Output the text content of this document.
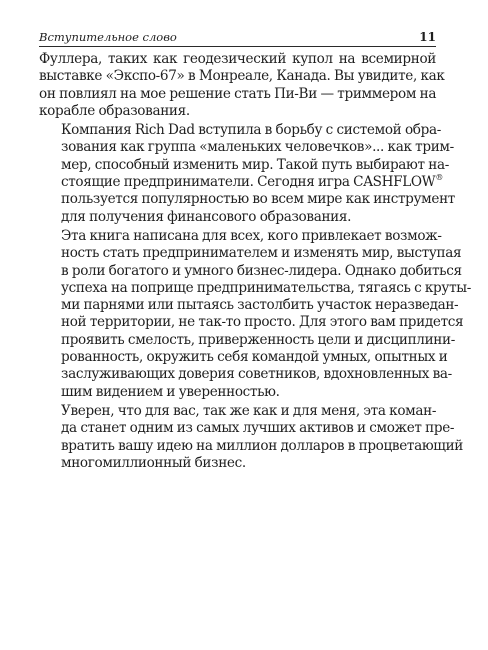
Вступительное слово	11

Фуллера, таких как геодезический купол на всемирной
выставке «Экспо-67» в Монреале, Канада. Вы увидите, как
он повлиял на мое решение стать Пи-Ви — триммером на
корабле образования.

Компания Rich Dad вступила в борьбу с системой обра-
зования как группа «маленьких человечков»... как трим-
мер, способный изменить мир. Такой путь выбирают на-
стоящие предприниматели. Сегодня игра CASHFLOW®
пользуется популярностью во всем мире как инструмент
для получения финансового образования.

Эта книга написана для всех, кого привлекает возмож-
ность стать предпринимателем и изменять мир, выступая
в роли богатого и умного бизнес-лидера. Однако добиться
успеха на поприще предпринимательства, тягаясь с круты-
ми парнями или пытаясь застолбить участок неразведан-
ной территории, не так-то просто. Для этого вам придется
проявить смелость, приверженность цели и дисциплини-
рованность, окружить себя командой умных, опытных и
заслуживающих доверия советников, вдохновленных ва-
шим видением и уверенностью.

Уверен, что для вас, так же как и для меня, эта коман-
да станет одним из самых лучших активов и сможет пре-
вратить вашу идею на миллион долларов в процветающий
многомиллионный бизнес.
